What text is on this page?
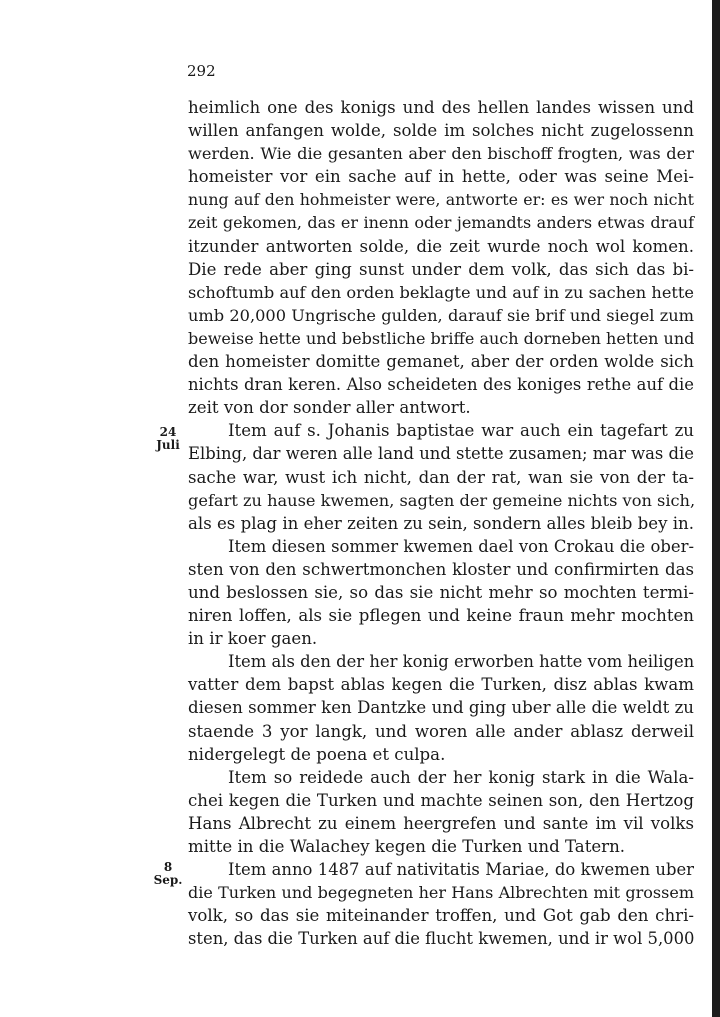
292
24
Juli
8
Sep.
heimlich one des konigs und des hellen landes wissen und
willen anfangen wolde, solde im solches nicht zugelossenn
werden. Wie die gesanten aber den bischoff frogten, was der
homeister vor ein sache auf in hette, oder was seine Mei-
nung auf den hohmeister were, antworte er: es wer noch nicht
zeit gekomen, das er inenn oder jemandts anders etwas drauf
itzunder antworten solde, die zeit wurde noch wol komen.
Die rede aber ging sunst under dem volk, das sich das bi-
schoftumb auf den orden beklagte und auf in zu sachen hette
umb 20,000 Ungrische gulden, darauf sie brif und siegel zum
beweise hette und bebstliche briffe auch dorneben hetten und
den homeister domitte gemanet, aber der orden wolde sich
nichts dran keren. Also scheideten des koniges rethe auf die
zeit von dor sonder aller antwort.
Item auf s. Johanis baptistae war auch ein tagefart zu
Elbing, dar weren alle land und stette zusamen; mar was die
sache war, wust ich nicht, dan der rat, wan sie von der ta-
gefart zu hause kwemen, sagten der gemeine nichts von sich,
als es plag in eher zeiten zu sein, sondern alles bleib bey in.
Item diesen sommer kwemen dael von Crokau die ober-
sten von den schwertmonchen kloster und confirmirten das
und beslossen sie, so das sie nicht mehr so mochten termi-
niren loffen, als sie pflegen und keine fraun mehr mochten
in ir koer gaen.
Item als den der her konig erworben hatte vom heiligen
vatter dem bapst ablas kegen die Turken, disz ablas kwam
diesen sommer ken Dantzke und ging uber alle die weldt zu
staende 3 yor langk, und woren alle ander ablasz derweil
nidergelegt de poena et culpa.
Item so reidede auch der her konig stark in die Wala-
chei kegen die Turken und machte seinen son, den Hertzog
Hans Albrecht zu einem heergrefen und sante im vil volks
mitte in die Walachey kegen die Turken und Tatern.
Item anno 1487 auf nativitatis Mariae, do kwemen uber
die Turken und begegneten her Hans Albrechten mit grossem
volk, so das sie miteinander troffen, und Got gab den chri-
sten, das die Turken auf die flucht kwemen, und ir wol 5,000
